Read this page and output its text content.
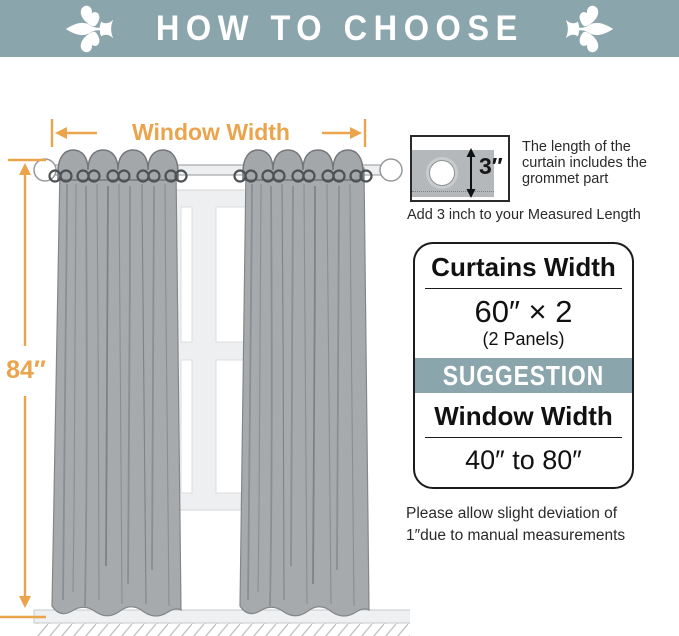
HOW TO CHOOSE
Window Width
84″
3″
The length of the curtain includes the grommet part
Add 3 inch to your Measured Length
Curtains Width
60″ × 2
(2 Panels)
SUGGESTION
Window Width
40″ to 80″
Please allow slight deviation of
1″due to manual measurements
